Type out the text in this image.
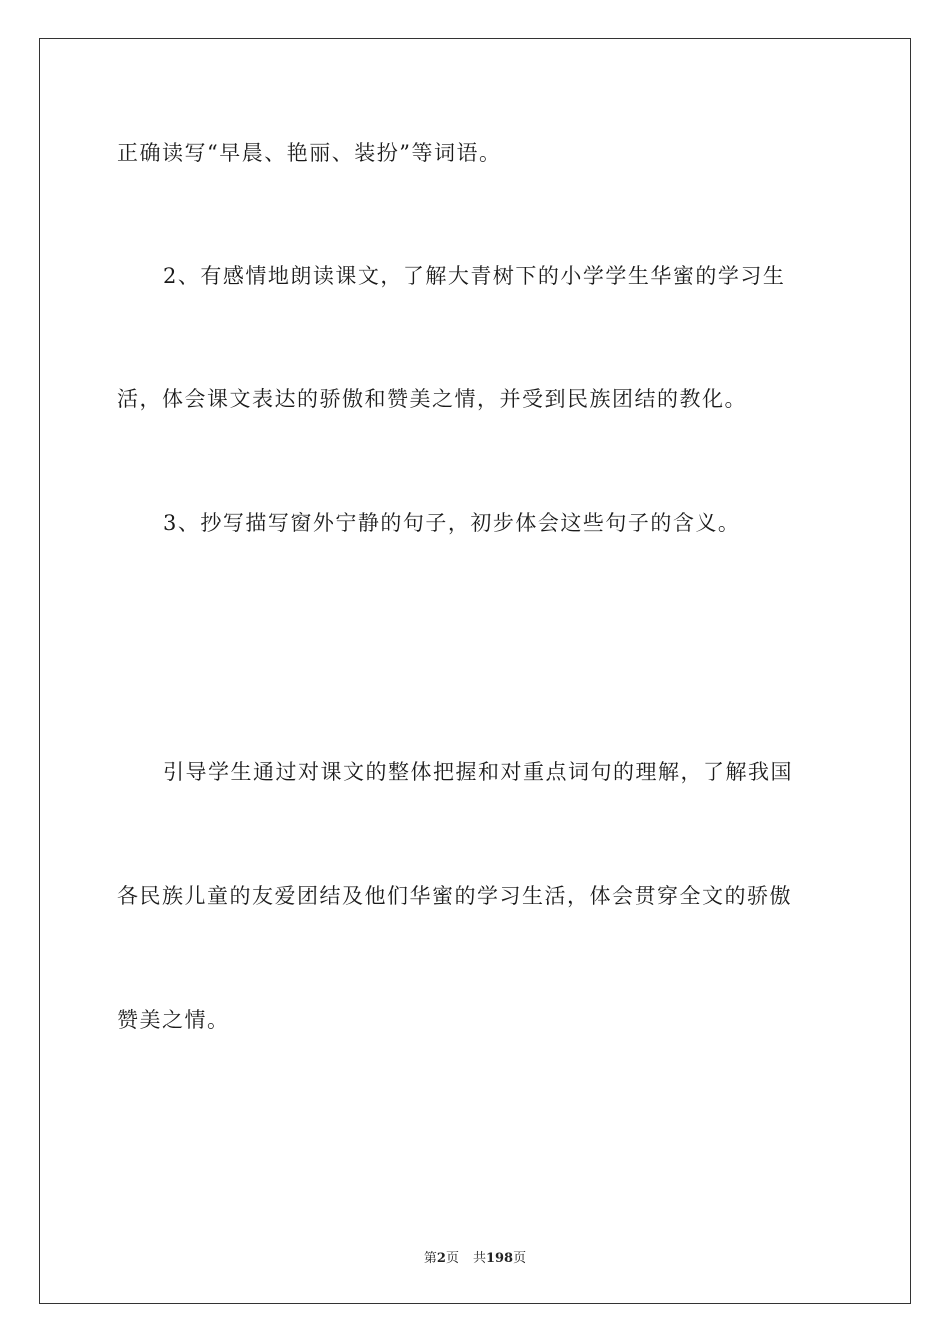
正确读写“早晨、艳丽、装扮”等词语。
2、有感情地朗读课文，了解大青树下的小学学生华蜜的学习生
活，体会课文表达的骄傲和赞美之情，并受到民族团结的教化。
3、抄写描写窗外宁静的句子，初步体会这些句子的含义。
引导学生通过对课文的整体把握和对重点词句的理解，了解我国
各民族儿童的友爱团结及他们华蜜的学习生活，体会贯穿全文的骄傲
赞美之情。
第2页 共198页
